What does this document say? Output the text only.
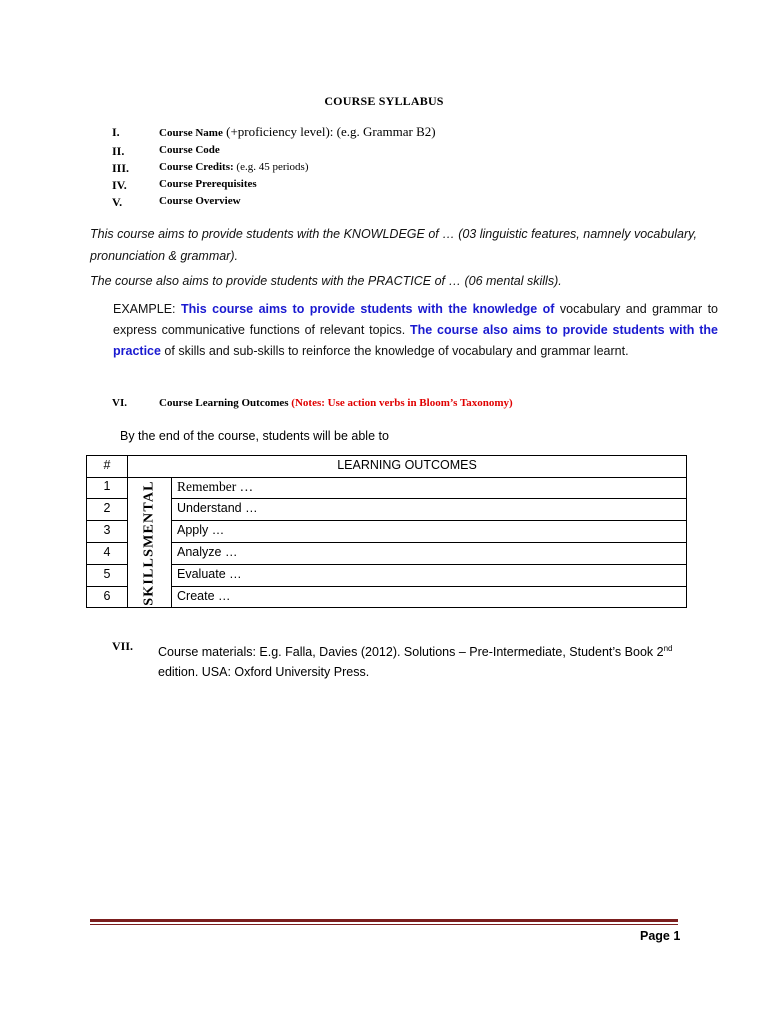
COURSE SYLLABUS
I.	Course Name (+proficiency level): (e.g. Grammar B2)
II.	Course Code
III.	Course Credits: (e.g. 45 periods)
IV.	Course Prerequisites
V.	Course Overview
This course aims to provide students with the KNOWLDEGE of … (03 linguistic features, namnely vocabulary, pronunciation & grammar).
The course also aims to provide students with the PRACTICE of … (06 mental skills).
EXAMPLE: This course aims to provide students with the knowledge of vocabulary and grammar to express communicative functions of relevant topics. The course also aims to provide students with the practice of skills and sub-skills to reinforce the knowledge of vocabulary and grammar learnt.
VI.	Course Learning Outcomes (Notes: Use action verbs in Bloom’s Taxonomy)
By the end of the course, students will be able to
#	LEARNING OUTCOMES
SKILLSMENTAL
1	Remember …
2	Understand …
3	Apply …
4	Analyze …
5	Evaluate …
6	Create …
VII. Course materials: E.g. Falla, Davies (2012). Solutions – Pre-Intermediate, Student’s Book 2nd edition. USA: Oxford University Press.
Page 1
